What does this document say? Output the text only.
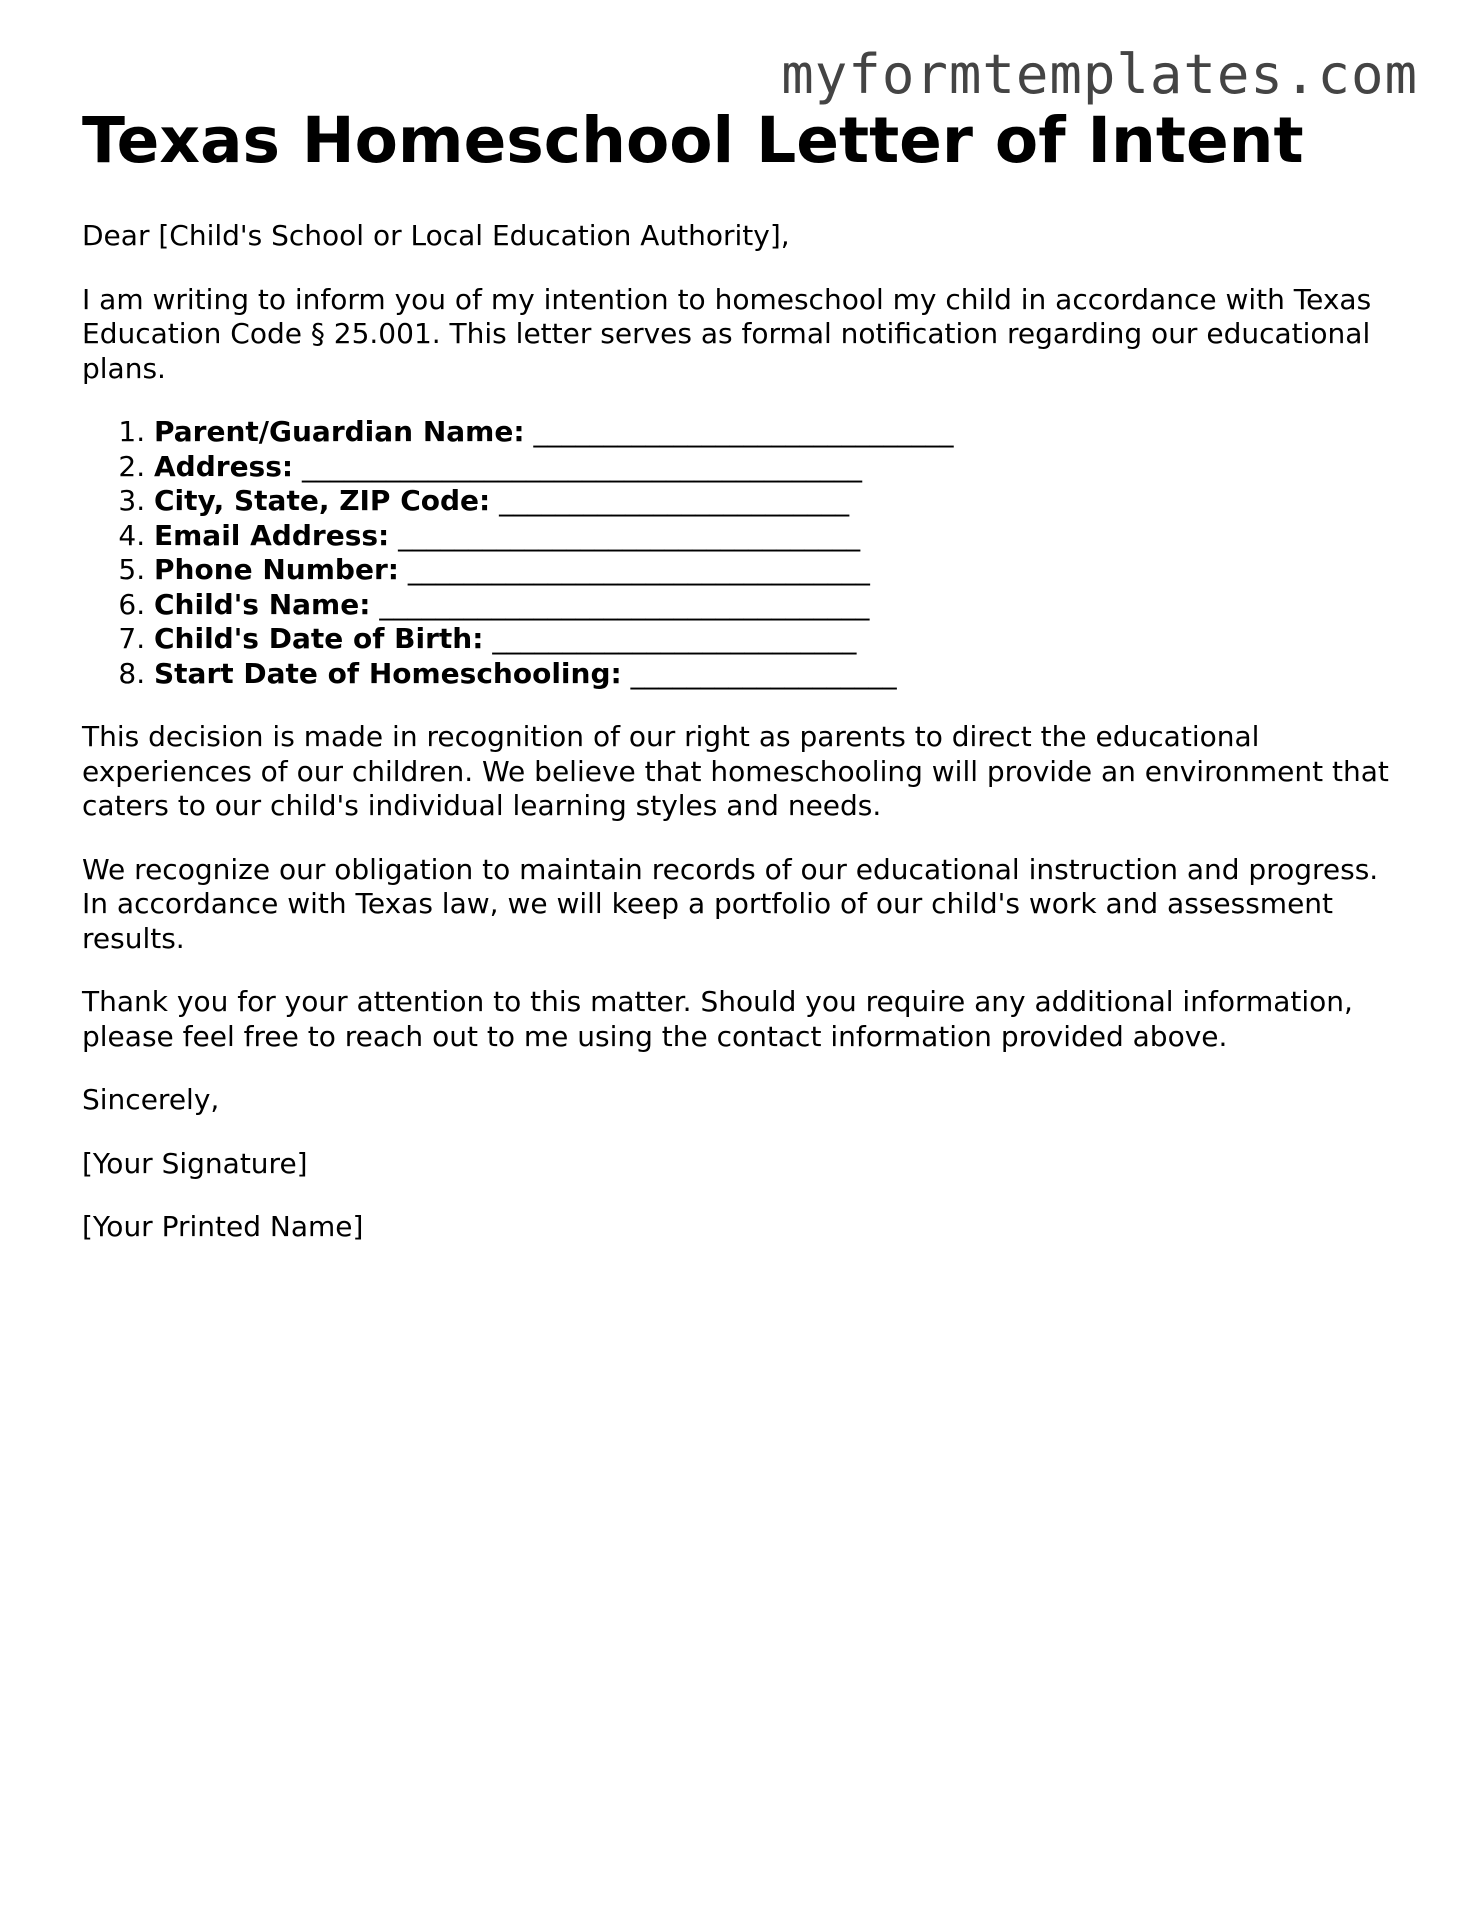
myformtemplates.com
Texas Homeschool Letter of Intent

Dear [Child's School or Local Education Authority],

I am writing to inform you of my intention to homeschool my child in accordance with Texas Education Code § 25.001. This letter serves as formal notification regarding our educational plans.

1. Parent/Guardian Name: ______________________________
2. Address: ________________________________________
3. City, State, ZIP Code: _________________________
4. Email Address: _________________________________
5. Phone Number: _________________________________
6. Child's Name: ___________________________________
7. Child's Date of Birth: __________________________
8. Start Date of Homeschooling: ___________________

This decision is made in recognition of our right as parents to direct the educational experiences of our children. We believe that homeschooling will provide an environment that caters to our child's individual learning styles and needs.

We recognize our obligation to maintain records of our educational instruction and progress. In accordance with Texas law, we will keep a portfolio of our child's work and assessment results.

Thank you for your attention to this matter. Should you require any additional information, please feel free to reach out to me using the contact information provided above.

Sincerely,

[Your Signature]

[Your Printed Name]
